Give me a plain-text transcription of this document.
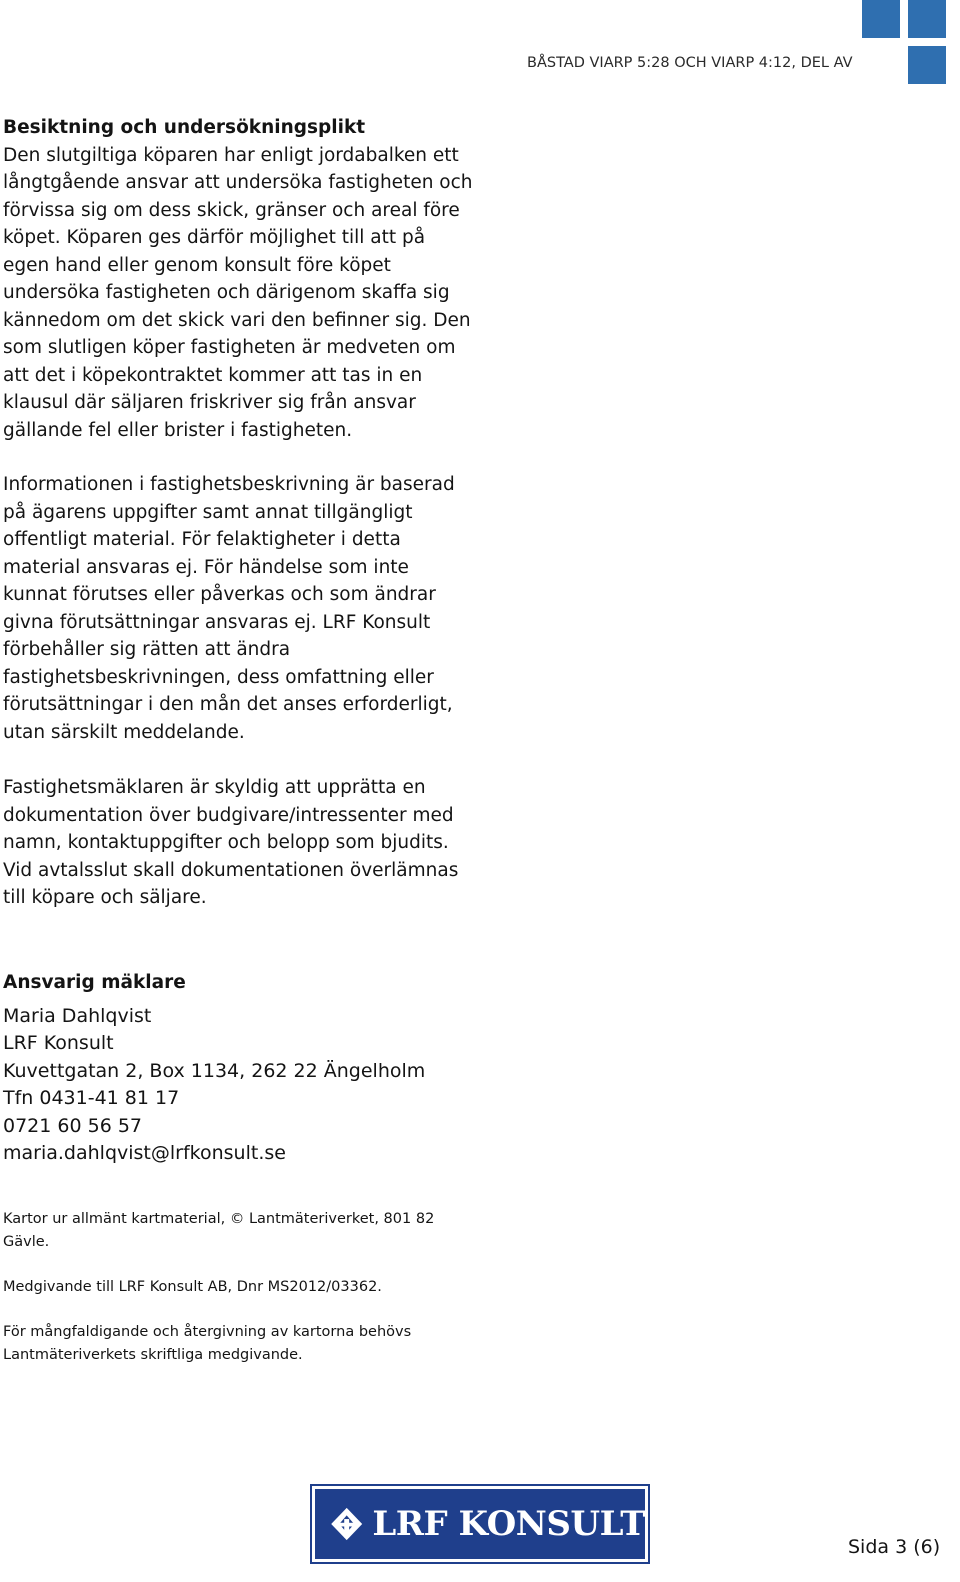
BÅSTAD VIARP 5:28 OCH VIARP 4:12, DEL AV

Besiktning och undersökningsplikt

Den slutgiltiga köparen har enligt jordabalken ett långtgående ansvar att undersöka fastigheten och förvissa sig om dess skick, gränser och areal före köpet. Köparen ges därför möjlighet till att på egen hand eller genom konsult före köpet undersöka fastigheten och därigenom skaffa sig kännedom om det skick vari den befinner sig. Den som slutligen köper fastigheten är medveten om att det i köpekontraktet kommer att tas in en klausul där säljaren friskriver sig från ansvar gällande fel eller brister i fastigheten.

Informationen i fastighetsbeskrivning är baserad på ägarens uppgifter samt annat tillgängligt offentligt material. För felaktigheter i detta material ansvaras ej. För händelse som inte kunnat förutses eller påverkas och som ändrar givna förutsättningar ansvaras ej. LRF Konsult förbehåller sig rätten att ändra fastighetsbeskrivningen, dess omfattning eller förutsättningar i den mån det anses erforderligt, utan särskilt meddelande.

Fastighetsmäklaren är skyldig att upprätta en dokumentation över budgivare/intressenter med namn, kontaktuppgifter och belopp som bjudits. Vid avtalsslut skall dokumentationen överlämnas till köpare och säljare.

Ansvarig mäklare

Maria Dahlqvist

LRF Konsult

Kuvettgatan 2, Box 1134, 262 22 Ängelholm

Tfn 0431-41 81 17

0721 60 56 57

maria.dahlqvist@lrfkonsult.se

Kartor ur allmänt kartmaterial, © Lantmäteriverket, 801 82 Gävle.

Medgivande till LRF Konsult AB, Dnr MS2012/03362.

För mångfaldigande och återgivning av kartorna behövs Lantmäteriverkets skriftliga medgivande.

LRF KONSULT
Sida 3 (6)
